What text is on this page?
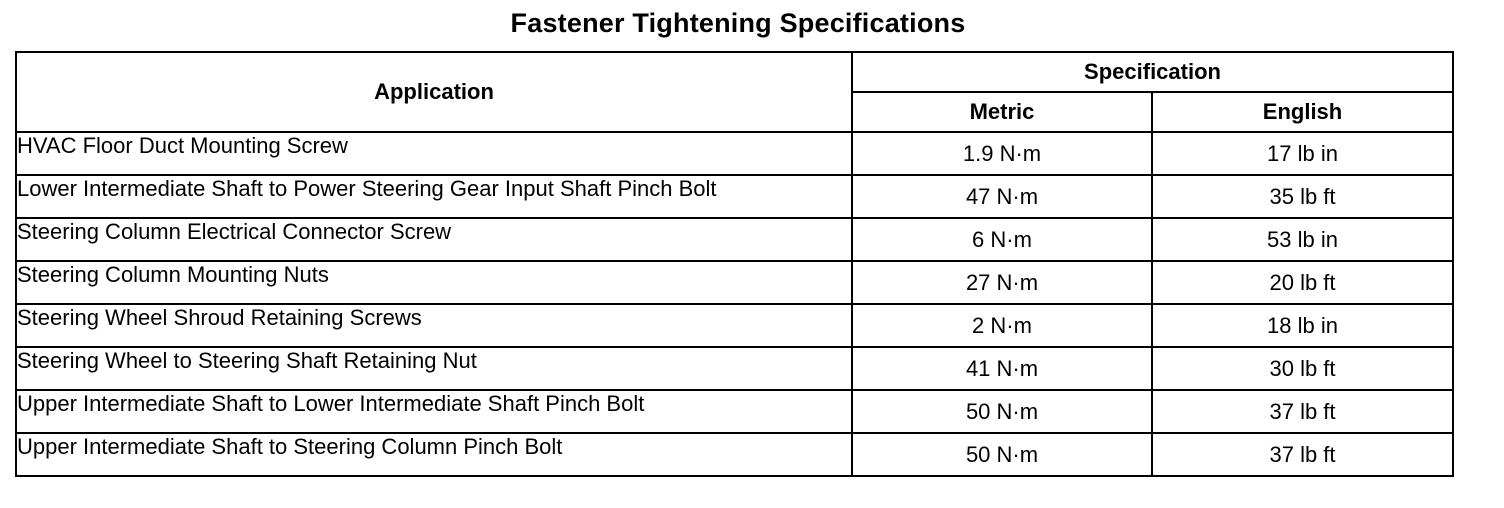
Fastener Tightening Specifications
Application	Specification	
	Metric	English
HVAC Floor Duct Mounting Screw	1.9 N·m	17 lb in
Lower Intermediate Shaft to Power Steering Gear Input Shaft Pinch Bolt	47 N·m	35 lb ft
Steering Column Electrical Connector Screw	6 N·m	53 lb in
Steering Column Mounting Nuts	27 N·m	20 lb ft
Steering Wheel Shroud Retaining Screws	2 N·m	18 lb in
Steering Wheel to Steering Shaft Retaining Nut	41 N·m	30 lb ft
Upper Intermediate Shaft to Lower Intermediate Shaft Pinch Bolt	50 N·m	37 lb ft
Upper Intermediate Shaft to Steering Column Pinch Bolt	50 N·m	37 lb ft
